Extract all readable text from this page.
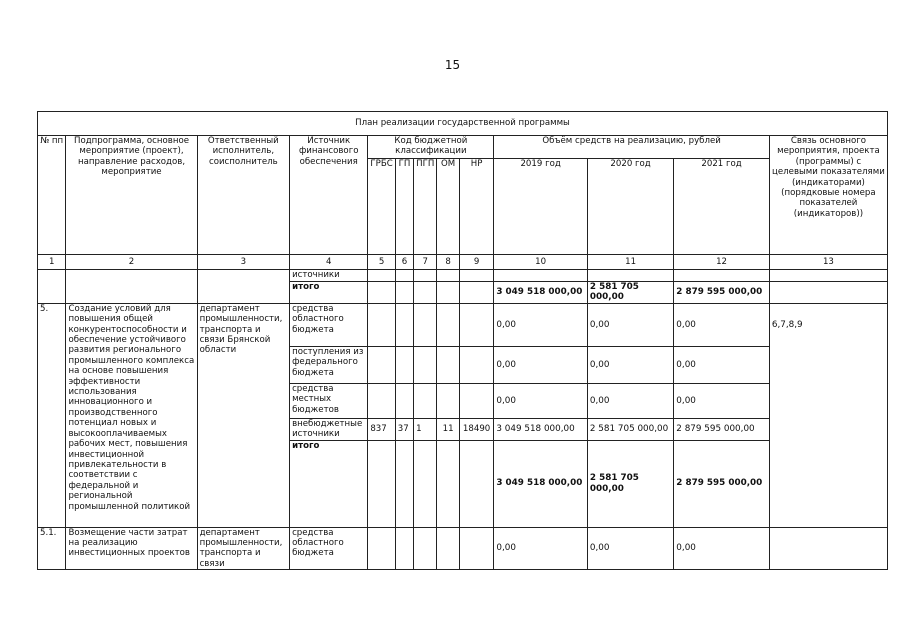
15
План реализации государственной программы												
№ пп	Подпрограмма, основное мероприятие (проект), направление расходов, мероприятие	Ответственный исполнитель, соисполнитель	Источник финансового обеспечения	Код бюджетной классификации					Объём средств на реализацию, рублей			Связь основного мероприятия, проекта (программы) с целевыми показателями (индикаторами) (порядковые номера показателей (индикаторов))
				ГРБС	ГП	ПГП	ОМ	НР	2019 год	2020 год	2021 год	
1	2	3	4	5	6	7	8	9	10	11	12	13
			источники									
			итого						3 049 518 000,00	2 581 705 000,00	2 879 595 000,00	
5.	Создание условий для повышения общей конкурентоспособности и обеспечение устойчивого развития регионального промышленного комплекса на основе повышения эффективности использования инновационного и производственного потенциал новых и высокооплачиваемых рабочих мест, повышения инвестиционной привлекательности в соответствии с федеральной и региональной промышленной политикой	департамент промышленности, транспорта и связи Брянской области	средства областного бюджета						0,00	0,00	0,00	6,7,8,9
			поступления из федерального бюджета						0,00	0,00	0,00	
			средства местных бюджетов						0,00	0,00	0,00	
			внебюджетные источники	837	37	1	11	18490	3 049 518 000,00	2 581 705 000,00	2 879 595 000,00	
			итого						3 049 518 000,00	2 581 705 000,00	2 879 595 000,00	
5.1.	Возмещение части затрат на реализацию инвестиционных проектов	департамент промышленности, транспорта и связи	средства областного бюджета						0,00	0,00	0,00	
